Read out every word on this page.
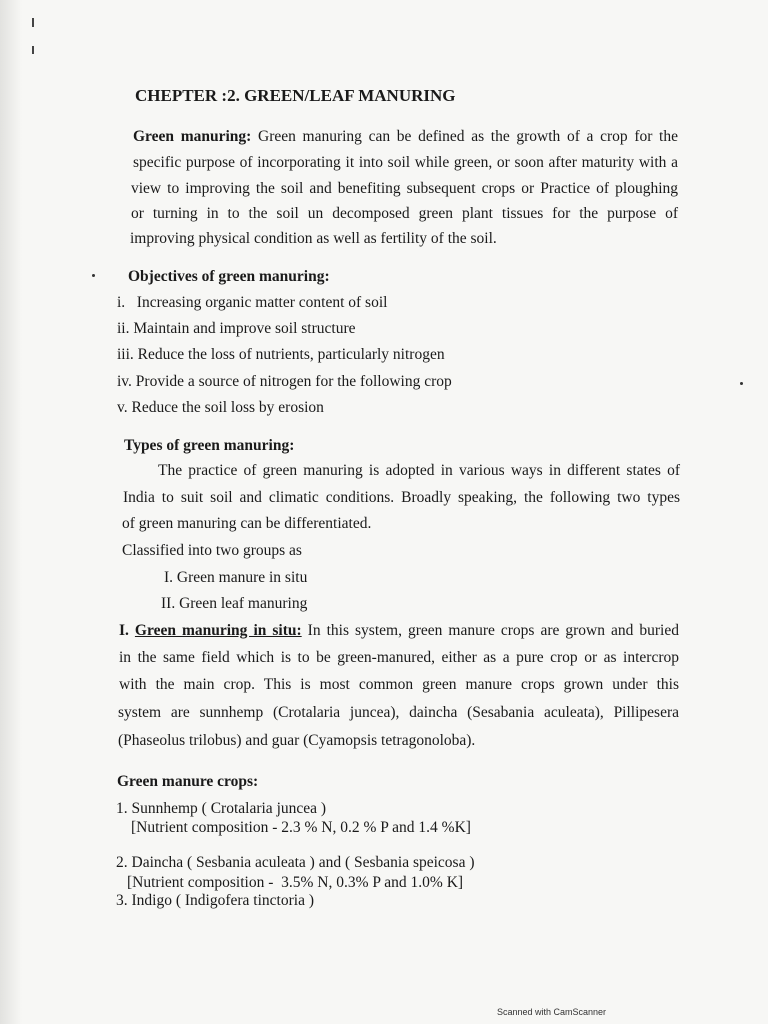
CHEPTER :2. GREEN/LEAF MANURING
Green manuring: Green manuring can be defined as the growth of a crop for the
specific purpose of incorporating it into soil while green, or soon after maturity with a
view to improving the soil and benefiting subsequent crops or Practice of ploughing
or turning in to the soil un decomposed green plant tissues for the purpose of
improving physical condition as well as fertility of the soil.
Objectives of green manuring:
i.   Increasing organic matter content of soil
ii. Maintain and improve soil structure
iii. Reduce the loss of nutrients, particularly nitrogen
iv. Provide a source of nitrogen for the following crop
v. Reduce the soil loss by erosion
Types of green manuring:
The practice of green manuring is adopted in various ways in different states of
India to suit soil and climatic conditions. Broadly speaking, the following two types
of green manuring can be differentiated.
Classified into two groups as
I. Green manure in situ
II. Green leaf manuring
I. Green manuring in situ: In this system, green manure crops are grown and buried
in the same field which is to be green-manured, either as a pure crop or as intercrop
with the main crop. This is most common green manure crops grown under this
system are sunnhemp (Crotalaria juncea), daincha (Sesabania aculeata), Pillipesera
(Phaseolus trilobus) and guar (Cyamopsis tetragonoloba).
Green manure crops:
1. Sunnhemp ( Crotalaria juncea )
[Nutrient composition - 2.3 % N, 0.2 % P and 1.4 %K]
2. Daincha ( Sesbania aculeata ) and ( Sesbania speicosa )
[Nutrient composition -  3.5% N, 0.3% P and 1.0% K]
3. Indigo ( Indigofera tinctoria )
Scanned with CamScanner
